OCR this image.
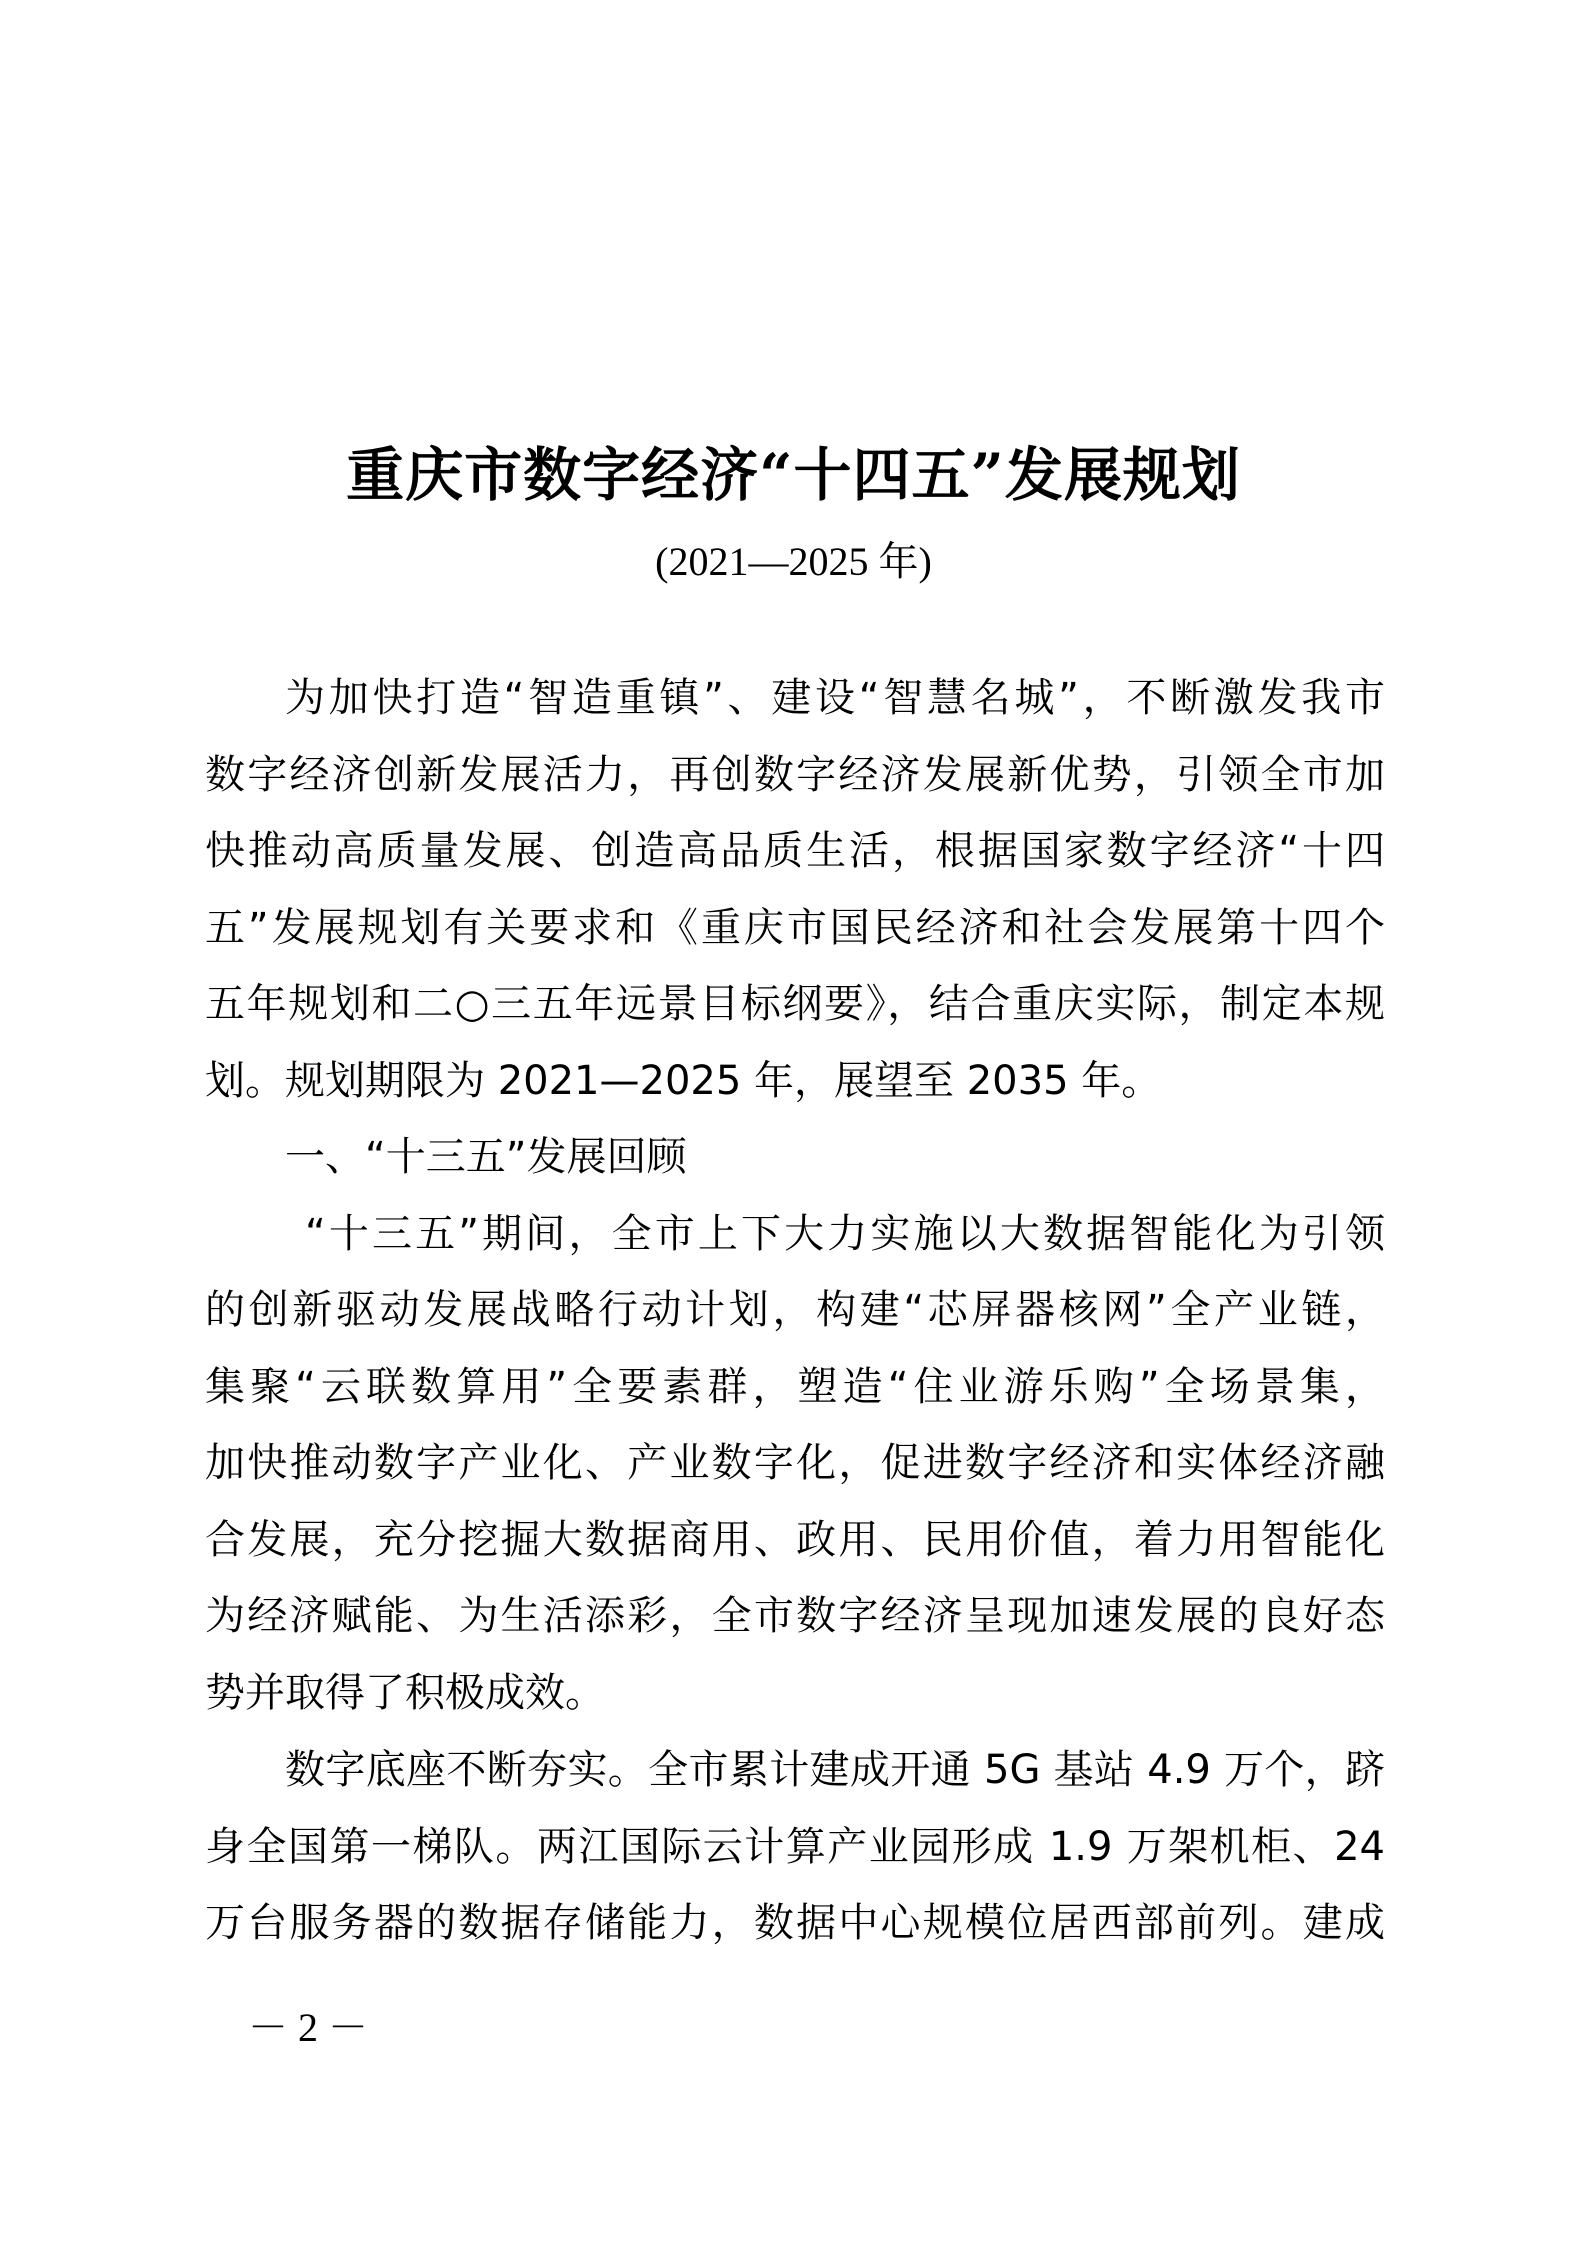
重庆市数字经济“十四五”发展规划
(2021—2025 年)
为加快打造“智造重镇”、建设“智慧名城”，不断激发我市
数字经济创新发展活力，再创数字经济发展新优势，引领全市加
快推动高质量发展、创造高品质生活，根据国家数字经济“十四
五”发展规划有关要求和《重庆市国民经济和社会发展第十四个
五年规划和二○三五年远景目标纲要》，结合重庆实际，制定本规
划。规划期限为 2021—2025 年，展望至 2035 年。
一、“十三五”发展回顾
“十三五”期间，全市上下大力实施以大数据智能化为引领
的创新驱动发展战略行动计划，构建“芯屏器核网”全产业链，
集聚“云联数算用”全要素群，塑造“住业游乐购”全场景集，
加快推动数字产业化、产业数字化，促进数字经济和实体经济融
合发展，充分挖掘大数据商用、政用、民用价值，着力用智能化
为经济赋能、为生活添彩，全市数字经济呈现加速发展的良好态
势并取得了积极成效。
数字底座不断夯实。全市累计建成开通 5G 基站 4.9 万个，跻
身全国第一梯队。两江国际云计算产业园形成 1.9 万架机柜、24
万台服务器的数据存储能力，数据中心规模位居西部前列。建成
－ 2 －
